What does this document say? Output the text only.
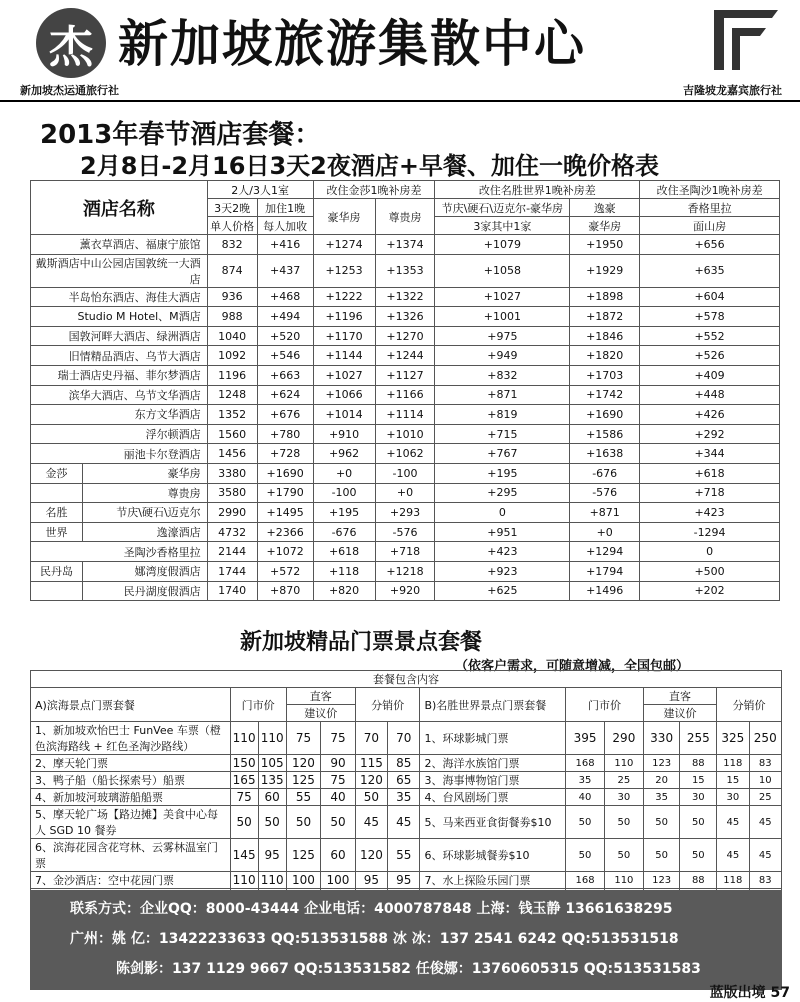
杰 新加坡旅游集散中心
新加坡杰运通旅行社	吉隆坡龙嘉宾旅行社
2013年春节酒店套餐：
2月8日-2月16日3天2夜酒店+早餐、加住一晚价格表
酒店名称		2人/3人1室		改住金莎1晚补房差		改住名胜世界1晚补房差		改住圣陶沙1晚补房差
		3天2晚	加住1晚	豪华房	尊贵房	节庆\硬石\迈克尔-豪华房	逸豪	香格里拉
		单人价格	每人加收			3家其中1家	豪华房	面山房
薰衣草酒店、福康宁旅馆		832	+416	+1274	+1374	+1079	+1950	+656
戴斯酒店中山公园店国敦统一大酒店		874	+437	+1253	+1353	+1058	+1929	+635
半岛怡东酒店、海佳大酒店		936	+468	+1222	+1322	+1027	+1898	+604
Studio M Hotel、M酒店		988	+494	+1196	+1326	+1001	+1872	+578
国敦河畔大酒店、绿洲酒店		1040	+520	+1170	+1270	+975	+1846	+552
旧情精品酒店、乌节大酒店		1092	+546	+1144	+1244	+949	+1820	+526
瑞士酒店史丹福、菲尔梦酒店		1196	+663	+1027	+1127	+832	+1703	+409
滨华大酒店、乌节文华酒店		1248	+624	+1066	+1166	+871	+1742	+448
东方文华酒店		1352	+676	+1014	+1114	+819	+1690	+426
浮尔顿酒店		1560	+780	+910	+1010	+715	+1586	+292
丽池卡尔登酒店		1456	+728	+962	+1062	+767	+1638	+344
金莎	豪华房	3380	+1690	+0	-100	+195	-676	+618
	尊贵房	3580	+1790	-100	+0	+295	-576	+718
名胜	节庆\硬石\迈克尔	2990	+1495	+195	+293	0	+871	+423
世界	逸濠酒店	4732	+2366	-676	-576	+951	+0	-1294
圣陶沙香格里拉		2144	+1072	+618	+718	+423	+1294	0
民丹岛	娜湾度假酒店	1744	+572	+118	+1218	+923	+1794	+500
	民丹湖度假酒店	1740	+870	+820	+920	+625	+1496	+202
新加坡精品门票景点套餐
（依客户需求，可随意增减，全国包邮）
套餐包含内容													
A)滨海景点门票套餐	门市价		直客		分销价		B)名胜世界景点门票套餐	门市价		直客		分销价	
			建议价							建议价			
1、新加坡欢怡巴士 FunVee 车票（橙色滨海路线 + 红色圣淘沙路线）	110	110	75	75	70	70	1、环球影城门票	395	290	330	255	325	250
2、摩天轮门票	150	105	120	90	115	85	2、海洋水族馆门票	168	110	123	88	118	83
3、鸭子船（船长探索号）船票	165	135	125	75	120	65	3、海事博物馆门票	35	25	20	15	15	10
4、新加坡河玻璃游船船票	75	60	55	40	50	35	4、台风剧场门票	40	30	35	30	30	25
5、摩天轮广场【路边摊】美食中心每人 SGD 10 餐券	50	50	50	50	45	45	5、马来西亚食街餐劵$10	50	50	50	50	45	45
6、滨海花园含花穹林、云雾林温室门票	145	95	125	60	120	55	6、环球影城餐劵$10	50	50	50	50	45	45
7、金沙酒店：空中花园门票	110	110	100	100	95	95	7、水上探险乐园门票	168	110	123	88	118	83

联系方式：企业QQ：8000-43444 企业电话：4000787848 上海：钱玉静 13661638295
广州：姚 亿：13422233633 QQ:513531588 冰 冰：137 2541 6242 QQ:513531518
陈剑影：137 1129 9667 QQ:513531582 任俊娜：13760605315 QQ:513531583
蓝版出境 57
